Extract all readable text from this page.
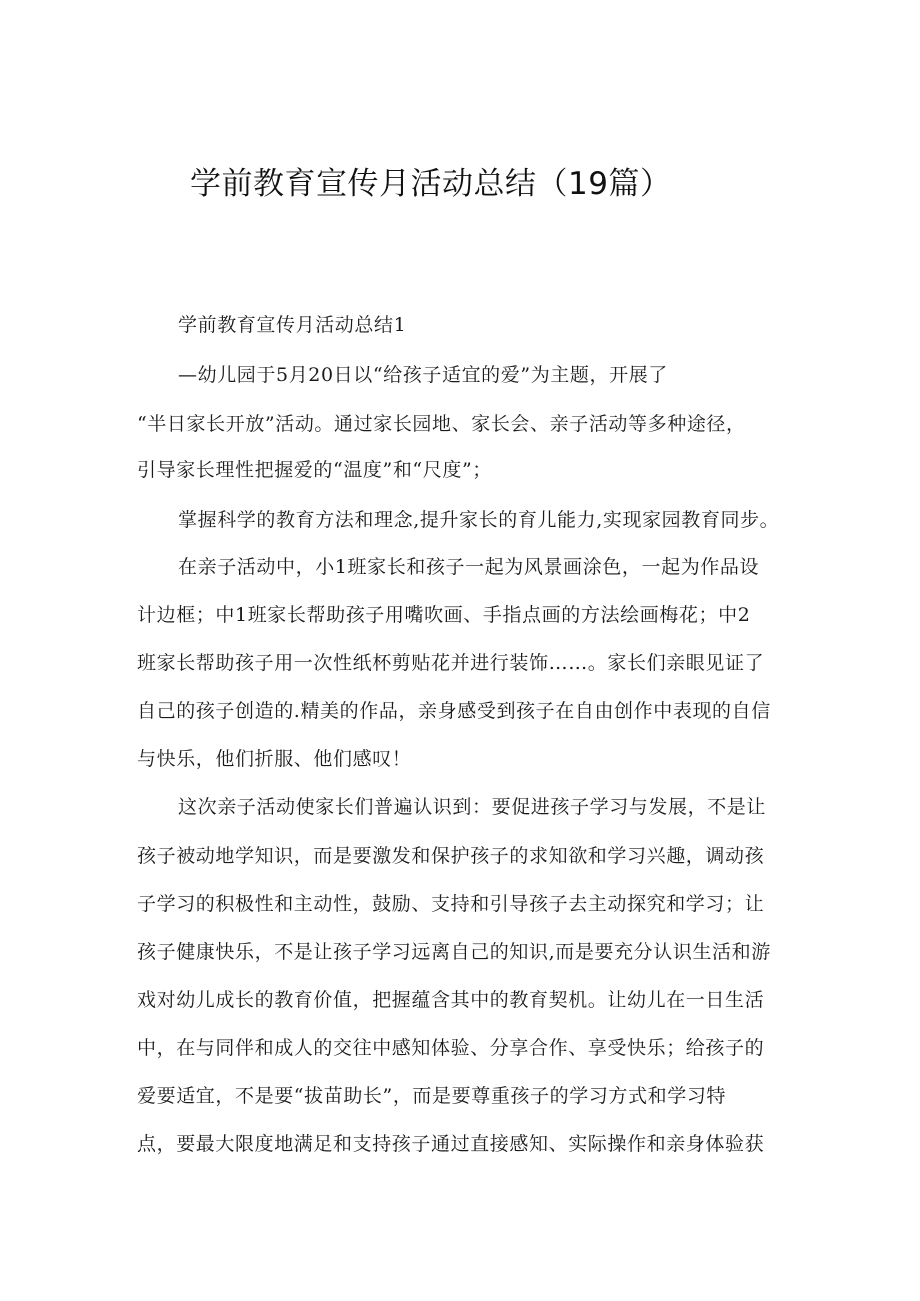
学前教育宣传月活动总结（19篇）

学前教育宣传月活动总结1

—幼儿园于5月20日以“给孩子适宜的爱”为主题，开展了

“半日家长开放”活动。通过家长园地、家长会、亲子活动等多种途径，

引导家长理性把握爱的“温度”和“尺度”；

掌握科学的教育方法和理念,提升家长的育儿能力,实现家园教育同步。

在亲子活动中，小1班家长和孩子一起为风景画涂色，一起为作品设

计边框；中1班家长帮助孩子用嘴吹画、手指点画的方法绘画梅花；中2

班家长帮助孩子用一次性纸杯剪贴花并进行装饰……。家长们亲眼见证了

自己的孩子创造的.精美的作品，亲身感受到孩子在自由创作中表现的自信

与快乐，他们折服、他们感叹！

这次亲子活动使家长们普遍认识到：要促进孩子学习与发展，不是让

孩子被动地学知识，而是要激发和保护孩子的求知欲和学习兴趣，调动孩

子学习的积极性和主动性，鼓励、支持和引导孩子去主动探究和学习；让

孩子健康快乐，不是让孩子学习远离自己的知识,而是要充分认识生活和游

戏对幼儿成长的教育价值，把握蕴含其中的教育契机。让幼儿在一日生活

中，在与同伴和成人的交往中感知体验、分享合作、享受快乐；给孩子的

爱要适宜，不是要“拔苗助长”，而是要尊重孩子的学习方式和学习特

点，要最大限度地满足和支持孩子通过直接感知、实际操作和亲身体验获
